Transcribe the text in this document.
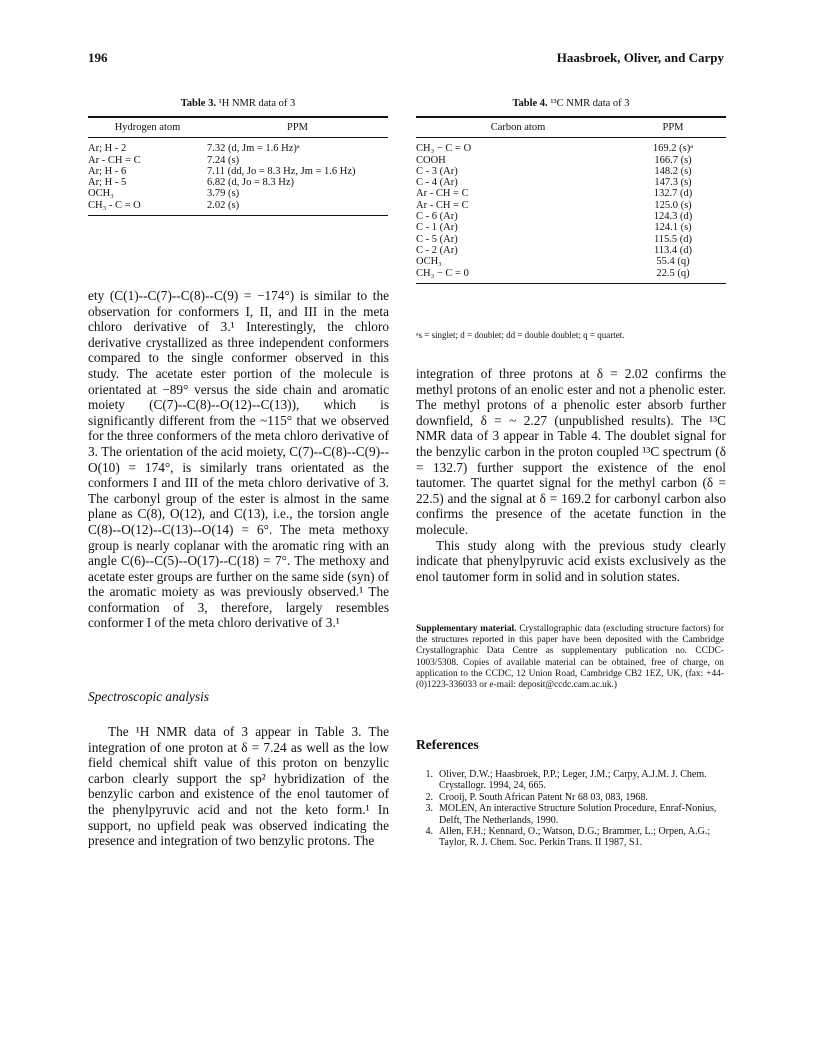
196	Haasbroek, Oliver, and Carpy
Table 3. ¹H NMR data of 3
Hydrogen atom	PPM
Ar; H - 2	7.32 (d, Jm = 1.6 Hz)ᵃ
Ar - CH = C	7.24 (s)
Ar; H - 6	7.11 (dd, Jo = 8.3 Hz, Jm = 1.6 Hz)
Ar; H - 5	6.82 (d, Jo = 8.3 Hz)
OCH₃	3.79 (s)
CH₃ - C = O	2.02 (s)
Table 4. ¹³C NMR data of 3
Carbon atom	PPM
CH₃ − C = O	169.2 (s)ᵃ
COOH	166.7 (s)
C - 3 (Ar)	148.2 (s)
C - 4 (Ar)	147.3 (s)
Ar - CH = C	132.7 (d)
Ar - CH = C	125.0 (s)
C - 6 (Ar)	124.3 (d)
C - 1 (Ar)	124.1 (s)
C - 5 (Ar)	115.5 (d)
C - 2 (Ar)	113.4 (d)
OCH₃	55.4 (q)
CH₃ − C = 0	22.5 (q)
ᵃs = singlet; d = doublet; dd = double doublet; q = quartet.

ety (C(1)--C(7)--C(8)--C(9) = −174°) is similar to the observation for conformers I, II, and III in the meta chloro derivative of 3.¹ Interestingly, the chloro derivative crystallized as three independent conformers compared to the single conformer observed in this study. The acetate ester portion of the molecule is orientated at −89° versus the side chain and aromatic moiety (C(7)--C(8)--O(12)--C(13)), which is significantly different from the ~115° that we observed for the three conformers of the meta chloro derivative of 3. The orientation of the acid moiety, C(7)--C(8)--C(9)--O(10) = 174°, is similarly trans orientated as the conformers I and III of the meta chloro derivative of 3. The carbonyl group of the ester is almost in the same plane as C(8), O(12), and C(13), i.e., the torsion angle C(8)--O(12)--C(13)--O(14) = 6°. The meta methoxy group is nearly coplanar with the aromatic ring with an angle C(6)--C(5)--O(17)--C(18) = 7°. The methoxy and acetate ester groups are further on the same side (syn) of the aromatic moiety as was previously observed.¹ The conformation of 3, therefore, largely resembles conformer I of the meta chloro derivative of 3.¹

Spectroscopic analysis

The ¹H NMR data of 3 appear in Table 3. The integration of one proton at δ = 7.24 as well as the low field chemical shift value of this proton on benzylic carbon clearly support the sp² hybridization of the benzylic carbon and existence of the enol tautomer of the phenylpyruvic acid and not the keto form.¹ In support, no upfield peak was observed indicating the presence and integration of two benzylic protons. The

integration of three protons at δ = 2.02 confirms the methyl protons of an enolic ester and not a phenolic ester. The methyl protons of a phenolic ester absorb further downfield, δ = ~ 2.27 (unpublished results). The ¹³C NMR data of 3 appear in Table 4. The doublet signal for the benzylic carbon in the proton coupled ¹³C spectrum (δ = 132.7) further support the existence of the enol tautomer. The quartet signal for the methyl carbon (δ = 22.5) and the signal at δ = 169.2 for carbonyl carbon also confirms the presence of the acetate function in the molecule.

This study along with the previous study clearly indicate that phenylpyruvic acid exists exclusively as the enol tautomer form in solid and in solution states.

Supplementary material. Crystallographic data (excluding structure factors) for the structures reported in this paper have been deposited with the Cambridge Crystallographic Data Centre as supplementary publication no. CCDC-1003/5308. Copies of available material can be obtained, free of charge, on application to the CCDC, 12 Union Road, Cambridge CB2 1EZ, UK, (fax: +44-(0)1223-336033 or e-mail: deposit@ccdc.cam.ac.uk.)
References
1. Oliver, D.W.; Haasbroek, P.P.; Leger, J.M.; Carpy, A.J.M. J. Chem. Crystallogr. 1994, 24, 665.
2. Crooij, P. South African Patent Nr 68 03, 083, 1968.
3. MOLEN, An interactive Structure Solution Procedure, Enraf-Nonius, Delft, The Netherlands, 1990.
4. Allen, F.H.; Kennard, O.; Watson, D.G.; Brammer, L.; Orpen, A.G.; Taylor, R. J. Chem. Soc. Perkin Trans. II 1987, S1.
